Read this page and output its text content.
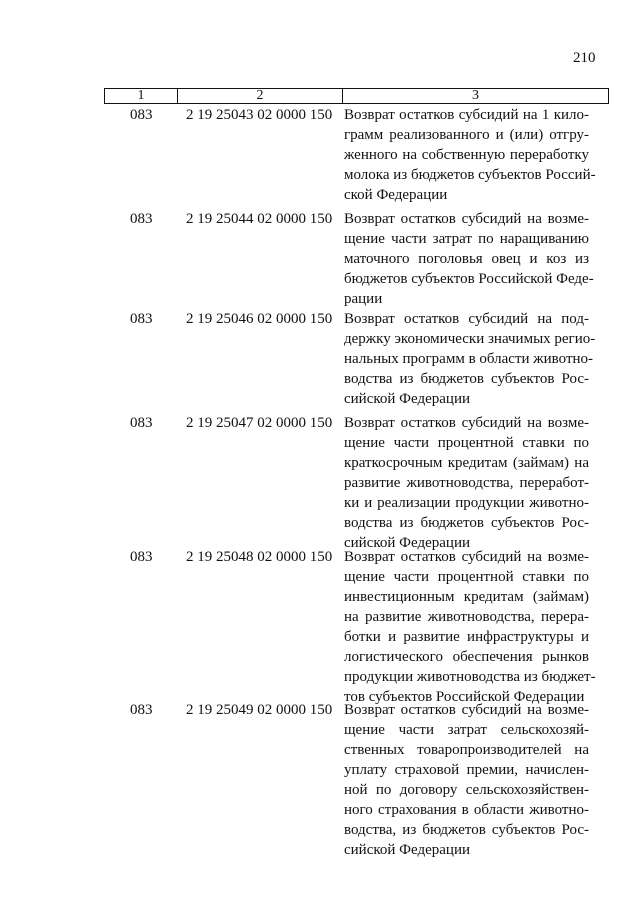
210
1	2	3
083 2 19 25043 02 0000 150 Возврат остатков субсидий на 1 кило-
грамм реализованного и (или) отгру-
женного на собственную переработку
молока из бюджетов субъектов Россий-
ской Федерации
083 2 19 25044 02 0000 150 Возврат остатков субсидий на возме-
щение части затрат по наращиванию
маточного поголовья овец и коз из
бюджетов субъектов Российской Феде-
рации
083 2 19 25046 02 0000 150 Возврат остатков субсидий на под-
держку экономически значимых регио-
нальных программ в области животно-
водства из бюджетов субъектов Рос-
сийской Федерации
083 2 19 25047 02 0000 150 Возврат остатков субсидий на возме-
щение части процентной ставки по
краткосрочным кредитам (займам) на
развитие животноводства, переработ-
ки и реализации продукции животно-
водства из бюджетов субъектов Рос-
сийской Федерации
083 2 19 25048 02 0000 150 Возврат остатков субсидий на возме-
щение части процентной ставки по
инвестиционным кредитам (займам)
на развитие животноводства, перера-
ботки и развитие инфраструктуры и
логистического обеспечения рынков
продукции животноводства из бюджет-
тов субъектов Российской Федерации
083 2 19 25049 02 0000 150 Возврат остатков субсидий на возме-
щение части затрат сельскохозяй-
ственных товаропроизводителей на
уплату страховой премии, начислен-
ной по договору сельскохозяйствен-
ного страхования в области животно-
водства, из бюджетов субъектов Рос-
сийской Федерации
